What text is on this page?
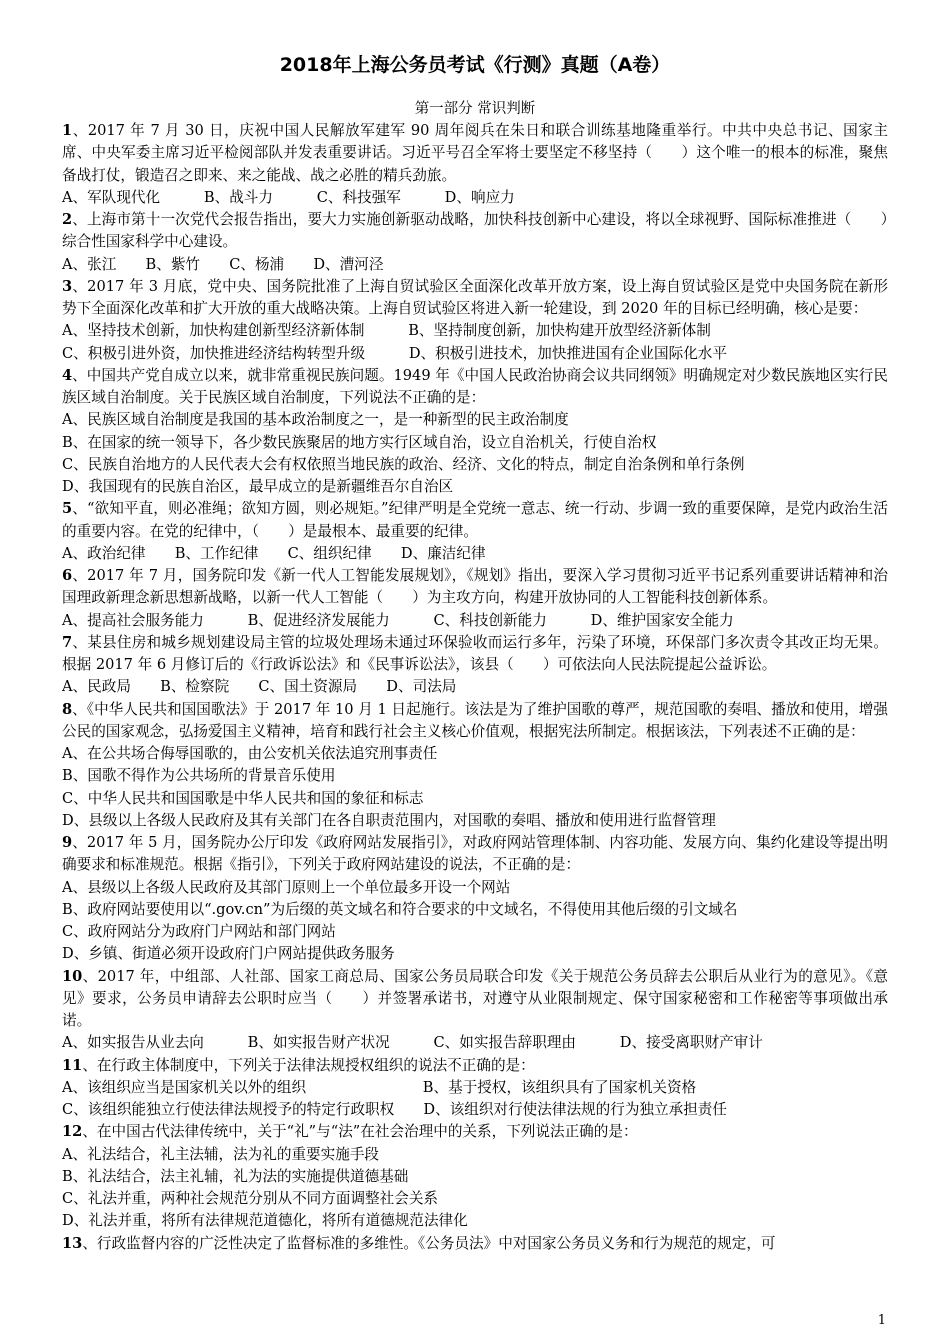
2018年上海公务员考试《行测》真题（A卷）
第一部分 常识判断
1、2017 年 7 月 30 日，庆祝中国人民解放军建军 90 周年阅兵在朱日和联合训练基地隆重举行。中共中央总书记、国家主席、中央军委主席习近平检阅部队并发表重要讲话。习近平号召全军将士要坚定不移坚持（　　）这个唯一的根本的标准，聚焦备战打仗，锻造召之即来、来之能战、战之必胜的精兵劲旅。
A、军队现代化　　　B、战斗力　　　C、科技强军　　　D、响应力
2、上海市第十一次党代会报告指出，要大力实施创新驱动战略，加快科技创新中心建设，将以全球视野、国际标准推进（　　）综合性国家科学中心建设。
A、张江　　B、紫竹　　C、杨浦　　D、漕河泾
3、2017 年 3 月底，党中央、国务院批准了上海自贸试验区全面深化改革开放方案，设上海自贸试验区是党中央国务院在新形势下全面深化改革和扩大开放的重大战略决策。上海自贸试验区将进入新一轮建设，到 2020 年的目标已经明确，核心是要：
A、坚持技术创新，加快构建创新型经济新体制　　　B、坚持制度创新，加快构建开放型经济新体制
C、积极引进外资，加快推进经济结构转型升级　　　D、积极引进技术，加快推进国有企业国际化水平
4、中国共产党自成立以来，就非常重视民族问题。1949 年《中国人民政治协商会议共同纲领》明确规定对少数民族地区实行民族区域自治制度。关于民族区域自治制度，下列说法不正确的是：
A、民族区域自治制度是我国的基本政治制度之一，是一种新型的民主政治制度
B、在国家的统一领导下，各少数民族聚居的地方实行区域自治，设立自治机关，行使自治权
C、民族自治地方的人民代表大会有权依照当地民族的政治、经济、文化的特点，制定自治条例和单行条例
D、我国现有的民族自治区，最早成立的是新疆维吾尔自治区
5、“欲知平直，则必准绳；欲知方圆，则必规矩。”纪律严明是全党统一意志、统一行动、步调一致的重要保障，是党内政治生活的重要内容。在党的纪律中，（　　）是最根本、最重要的纪律。
A、政治纪律　　B、工作纪律　　C、组织纪律　　D、廉洁纪律
6、2017 年 7 月，国务院印发《新一代人工智能发展规划》，《规划》指出，要深入学习贯彻习近平书记系列重要讲话精神和治国理政新理念新思想新战略，以新一代人工智能（　　）为主攻方向，构建开放协同的人工智能科技创新体系。
A、提高社会服务能力　　　B、促进经济发展能力　　　C、科技创新能力　　　D、维护国家安全能力
7、某县住房和城乡规划建设局主管的垃圾处理场未通过环保验收而运行多年，污染了环境，环保部门多次责令其改正均无果。根据 2017 年 6 月修订后的《行政诉讼法》和《民事诉讼法》，该县（　　）可依法向人民法院提起公益诉讼。
A、民政局　　B、检察院　　C、国土资源局　　D、司法局
8、《中华人民共和国国歌法》于 2017 年 10 月 1 日起施行。该法是为了维护国歌的尊严，规范国歌的奏唱、播放和使用，增强公民的国家观念，弘扬爱国主义精神，培育和践行社会主义核心价值观，根据宪法所制定。根据该法，下列表述不正确的是：
A、在公共场合侮辱国歌的，由公安机关依法追究刑事责任
B、国歌不得作为公共场所的背景音乐使用
C、中华人民共和国国歌是中华人民共和国的象征和标志
D、县级以上各级人民政府及其有关部门在各自职责范围内，对国歌的奏唱、播放和使用进行监督管理
9、2017 年 5 月，国务院办公厅印发《政府网站发展指引》，对政府网站管理体制、内容功能、发展方向、集约化建设等提出明确要求和标准规范。根据《指引》，下列关于政府网站建设的说法，不正确的是：
A、县级以上各级人民政府及其部门原则上一个单位最多开设一个网站
B、政府网站要使用以“.gov.cn”为后缀的英文域名和符合要求的中文域名，不得使用其他后缀的引文域名
C、政府网站分为政府门户网站和部门网站
D、乡镇、街道必须开设政府门户网站提供政务服务
10、2017 年，中组部、人社部、国家工商总局、国家公务员局联合印发《关于规范公务员辞去公职后从业行为的意见》。《意见》要求，公务员申请辞去公职时应当（　　）并签署承诺书，对遵守从业限制规定、保守国家秘密和工作秘密等事项做出承诺。
A、如实报告从业去向　　　B、如实报告财产状况　　　C、如实报告辞职理由　　　D、接受离职财产审计
11、在行政主体制度中，下列关于法律法规授权组织的说法不正确的是：
A、该组织应当是国家机关以外的组织　　　　　　　　B、基于授权，该组织具有了国家机关资格
C、该组织能独立行使法律法规授予的特定行政职权　　D、该组织对行使法律法规的行为独立承担责任
12、在中国古代法律传统中，关于“礼”与“法”在社会治理中的关系，下列说法正确的是：
A、礼法结合，礼主法辅，法为礼的重要实施手段
B、礼法结合，法主礼辅，礼为法的实施提供道德基础
C、礼法并重，两种社会规范分别从不同方面调整社会关系
D、礼法并重，将所有法律规范道德化，将所有道德规范法律化
13、行政监督内容的广泛性决定了监督标准的多维性。《公务员法》中对国家公务员义务和行为规范的规定，可
1
